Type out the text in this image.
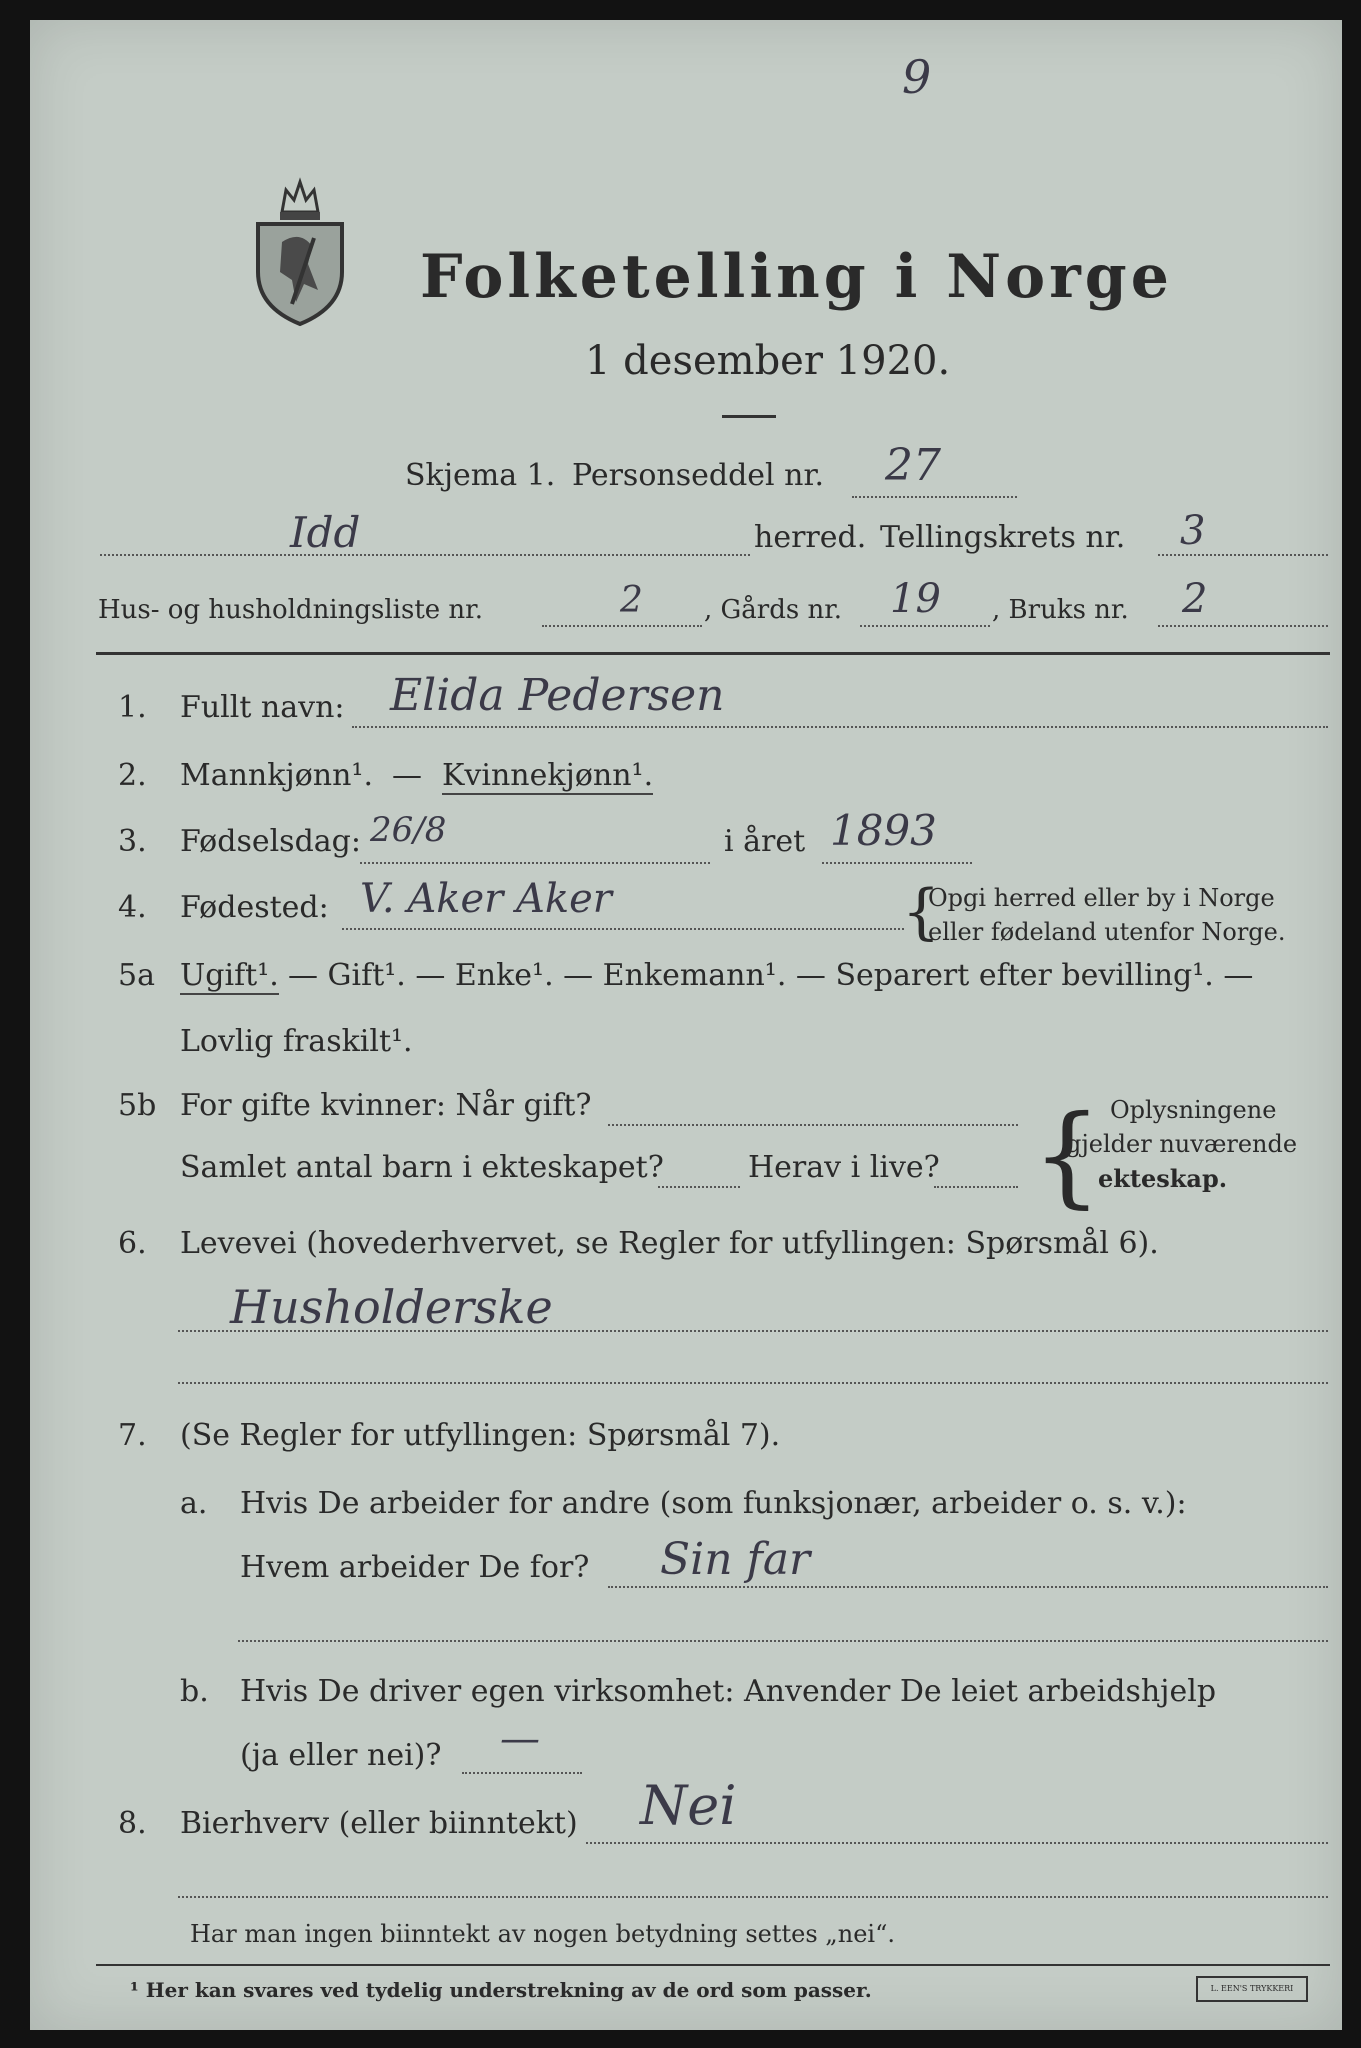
9
Folketelling i Norge
1 desember 1920.
Skjema 1. Personseddel nr. 27
Idd	herred. Tellingskrets nr. 3
Hus- og husholdningsliste nr.	2 , Gårds nr. 19 , Bruks nr. 2
1. Fullt navn: Elida Pedersen
2. Mannkjønn¹. — Kvinnekjønn¹.
3. Fødselsdag: 26/8	i året 1893
4. Fødested: V. Aker Aker	{
Opgi herred eller by i Norge
eller fødeland utenfor Norge.
5a Ugift¹. — Gift¹. — Enke¹. — Enkemann¹. — Separert efter bevilling¹. —
Lovlig fraskilt¹.
5b For gifte kvinner: Når gift?
Samlet antal barn i ekteskapet?	Herav i live? { Oplysningene
gjelder nuværende
ekteskap.
6. Levevei (hovederhvervet, se Regler for utfyllingen: Spørsmål 6).
Husholderske
7. (Se Regler for utfyllingen: Spørsmål 7).
a. Hvis De arbeider for andre (som funksjonær, arbeider o. s. v.):
Hvem arbeider De for? Sin far
b. Hvis De driver egen virksomhet: Anvender De leiet arbeidshjelp
(ja eller nei)? —
8. Bierhverv (eller biinntekt) Nei
Har man ingen biinntekt av nogen betydning settes „nei“.
¹ Her kan svares ved tydelig understrekning av de ord som passer.	L. EEN'S TRYKKERI
